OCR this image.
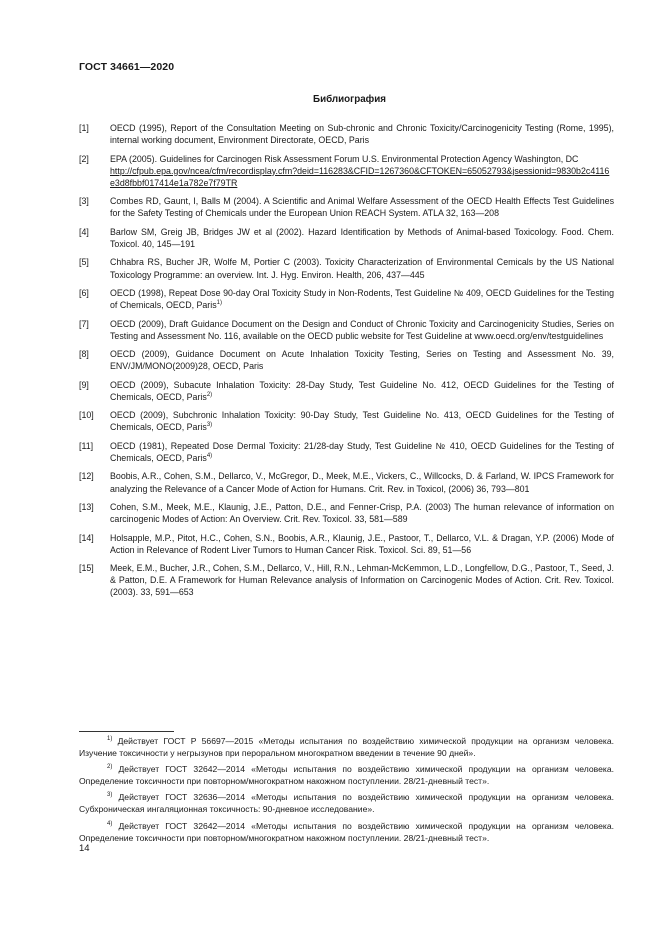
ГОСТ 34661—2020
Библиография
[1]	OECD (1995), Report of the Consultation Meeting on Sub-chronic and Chronic Toxicity/Carcinogenicity Testing (Rome, 1995), internal working document, Environment Directorate, OECD, Paris
[2]	EPA (2005). Guidelines for Carcinogen Risk Assessment Forum U.S. Environmental Protection Agency Washington, DC
http://cfpub.epa.gov/ncea/cfm/recordisplay.cfm?deid=116283&CFID=1267360&CFTOKEN=65052793&jsessionid=9830b2c4116e3d8fbbf017414e1a782e7f79TR
[3]	Combes RD, Gaunt, I, Balls M (2004). A Scientific and Animal Welfare Assessment of the OECD Health Effects Test Guidelines for the Safety Testing of Chemicals under the European Union REACH System. ATLA 32, 163—208
[4]	Barlow SM, Greig JB, Bridges JW et al (2002). Hazard Identification by Methods of Animal-based Toxicology. Food. Chem. Toxicol. 40, 145—191
[5]	Chhabra RS, Bucher JR, Wolfe M, Portier C (2003). Toxicity Characterization of Environmental Cemicals by the US National Toxicology Programme: an overview. Int. J. Hyg. Environ. Health, 206, 437—445
[6]	OECD (1998), Repeat Dose 90-day Oral Toxicity Study in Non-Rodents, Test Guideline № 409, OECD Guidelines for the Testing of Chemicals, OECD, Paris$^{1)}$
[7]	OECD (2009), Draft Guidance Document on the Design and Conduct of Chronic Toxicity and Carcinogenicity Studies, Series on Testing and Assessment No. 116, available on the OECD public website for Test Guideline at www.oecd.org/env/testguidelines
[8]	OECD (2009), Guidance Document on Acute Inhalation Toxicity Testing, Series on Testing and Assessment No. 39, ENV/JM/MONO(2009)28, OECD, Paris
[9]	OECD (2009), Subacute Inhalation Toxicity: 28-Day Study, Test Guideline No. 412, OECD Guidelines for the Testing of Chemicals, OECD, Paris$^{2)}$
[10]	OECD (2009), Subchronic Inhalation Toxicity: 90-Day Study, Test Guideline No. 413, OECD Guidelines for the Testing of Chemicals, OECD, Paris$^{3)}$
[11]	OECD (1981), Repeated Dose Dermal Toxicity: 21/28-day Study, Test Guideline № 410, OECD Guidelines for the Testing of Chemicals, OECD, Paris$^{4)}$
[12]	Boobis, A.R., Cohen, S.M., Dellarco, V., McGregor, D., Meek, M.E., Vickers, C., Willcocks, D. & Farland, W. IPCS Framework for analyzing the Relevance of a Cancer Mode of Action for Humans. Crit. Rev. in Toxicol, (2006) 36, 793—801
[13]	Cohen, S.M., Meek, M.E., Klaunig, J.E., Patton, D.E., and Fenner-Crisp, P.A. (2003) The human relevance of information on carcinogenic Modes of Action: An Overview. Crit. Rev. Toxicol. 33, 581—589
[14]	Holsapple, M.P., Pitot, H.C., Cohen, S.N., Boobis, A.R., Klaunig, J.E., Pastoor, T., Dellarco, V.L. & Dragan, Y.P. (2006) Mode of Action in Relevance of Rodent Liver Tumors to Human Cancer Risk. Toxicol. Sci. 89, 51—56
[15]	Meek, E.M., Bucher, J.R., Cohen, S.M., Dellarco, V., Hill, R.N., Lehman-McKemmon, L.D., Longfellow, D.G., Pastoor, T., Seed, J. & Patton, D.E. A Framework for Human Relevance analysis of Information on Carcinogenic Modes of Action. Crit. Rev. Toxicol. (2003). 33, 591—653
$^{1)}$ Действует ГОСТ Р 56697—2015 «Методы испытания по воздействию химической продукции на организм человека. Изучение токсичности у негрызунов при пероральном многократном введении в течение 90 дней».
$^{2)}$ Действует ГОСТ 32642—2014 «Методы испытания по воздействию химической продукции на организм человека. Определение токсичности при повторном/многократном накожном поступлении. 28/21-дневный тест».
$^{3)}$ Действует ГОСТ 32636—2014 «Методы испытания по воздействию химической продукции на организм человека. Субхроническая ингаляционная токсичность: 90-дневное исследование».
$^{4)}$ Действует ГОСТ 32642—2014 «Методы испытания по воздействию химической продукции на организм человека. Определение токсичности при повторном/многократном накожном поступлении. 28/21-дневный тест».
14
